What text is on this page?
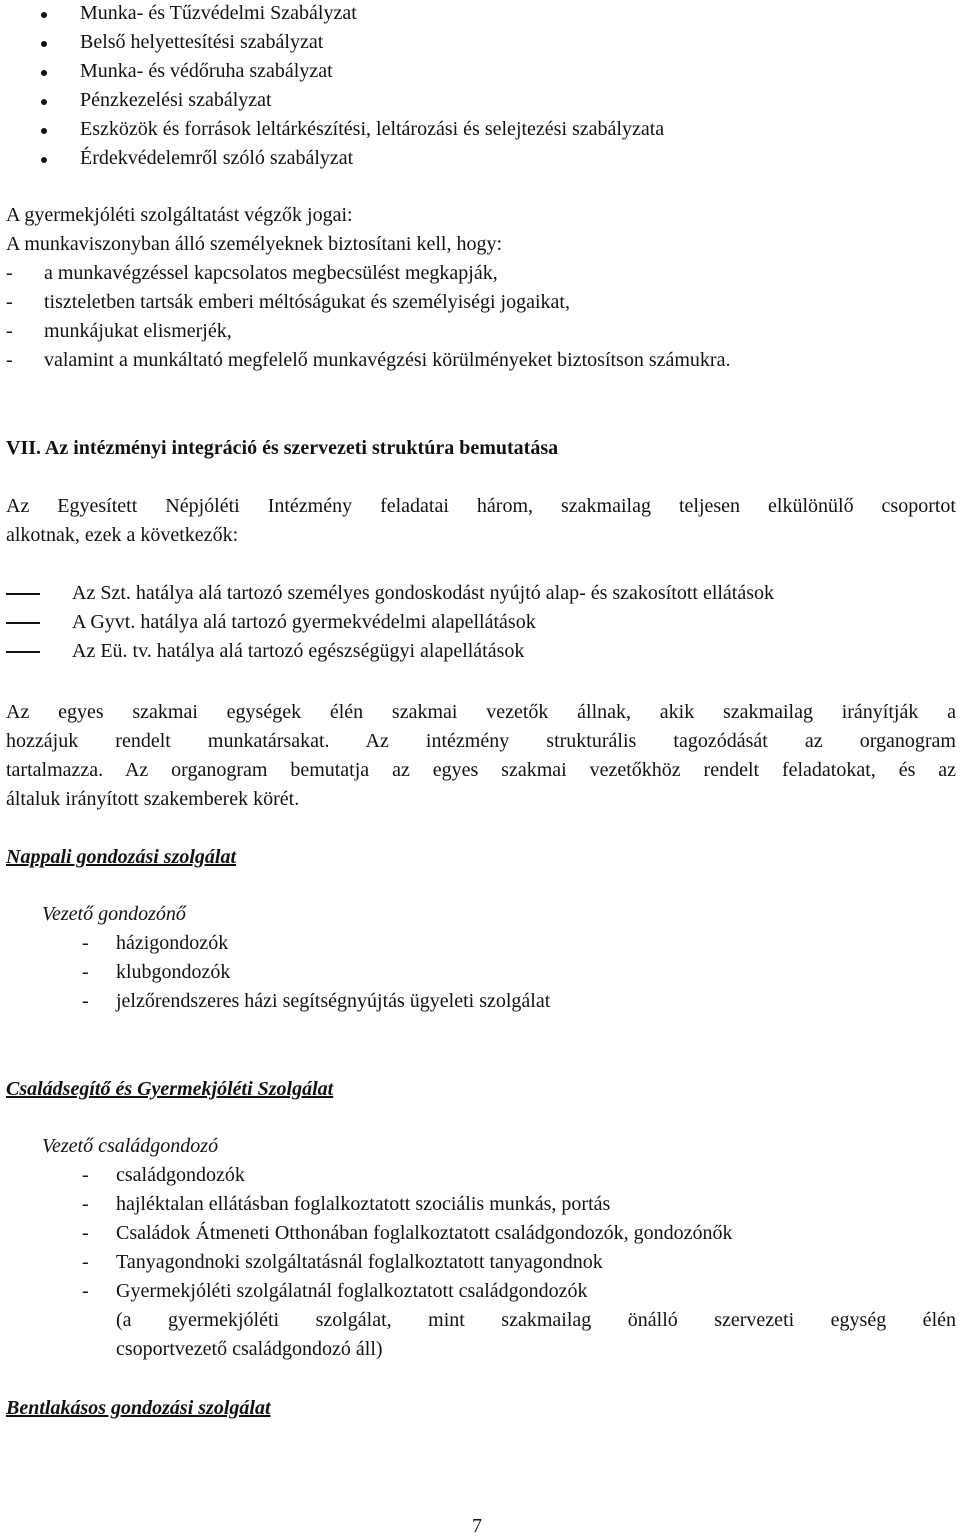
Munka- és Tűzvédelmi Szabályzat
Belső helyettesítési szabályzat
Munka- és védőruha szabályzat
Pénzkezelési szabályzat
Eszközök és források leltárkészítési, leltározási és selejtezési szabályzata
Érdekvédelemről szóló szabályzat
A gyermekjóléti szolgáltatást végzők jogai:
A munkaviszonyban álló személyeknek biztosítani kell, hogy:
- a munkavégzéssel kapcsolatos megbecsülést megkapják,
- tiszteletben tartsák emberi méltóságukat és személyiségi jogaikat,
- munkájukat elismerjék,
- valamint a munkáltató megfelelő munkavégzési körülményeket biztosítson számukra.
VII. Az intézményi integráció és szervezeti struktúra bemutatása
Az Egyesített Népjóléti Intézmény feladatai három, szakmailag teljesen elkülönülő csoportot
alkotnak, ezek a következők:
Az Szt. hatálya alá tartozó személyes gondoskodást nyújtó alap- és szakosított ellátások
A Gyvt. hatálya alá tartozó gyermekvédelmi alapellátások
Az Eü. tv. hatálya alá tartozó egészségügyi alapellátások
Az egyes szakmai egységek élén szakmai vezetők állnak, akik szakmailag irányítják a
hozzájuk rendelt munkatársakat. Az intézmény strukturális tagozódását az organogram
tartalmazza. Az organogram bemutatja az egyes szakmai vezetőkhöz rendelt feladatokat, és az
általuk irányított szakemberek körét.
Nappali gondozási szolgálat
Vezető gondozónő
- házigondozók
- klubgondozók
- jelzőrendszeres házi segítségnyújtás ügyeleti szolgálat
Családsegítő és Gyermekjóléti Szolgálat
Vezető családgondozó
- családgondozók
- hajléktalan ellátásban foglalkoztatott szociális munkás, portás
- Családok Átmeneti Otthonában foglalkoztatott családgondozók, gondozónők
- Tanyagondnoki szolgáltatásnál foglalkoztatott tanyagondnok
- Gyermekjóléti szolgálatnál foglalkoztatott családgondozók
(a gyermekjóléti szolgálat, mint szakmailag önálló szervezeti egység élén
csoportvezető családgondozó áll)
Bentlakásos gondozási szolgálat
7
